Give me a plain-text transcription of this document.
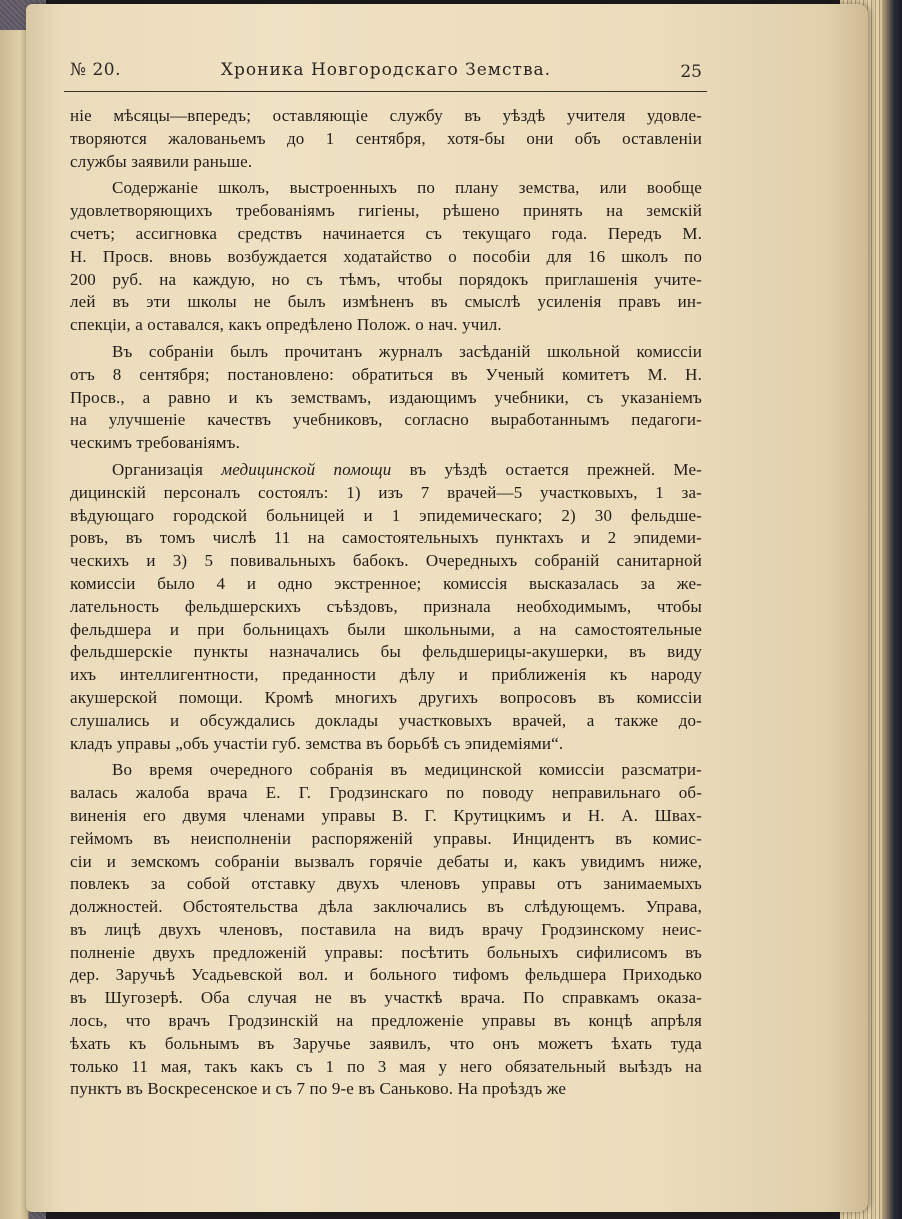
№ 20.	Хроника Новгородскаго Земства.	25
нiе мѣсяцы—впередъ; оставляющiе службу въ уѣздѣ учителя удовле-
творяются жалованьемъ до 1 сентября, хотя-бы они объ оставленiи
службы заявили раньше.
Содержанiе школъ, выстроенныхъ по плану земства, или вообще
удовлетворяющихъ требованiямъ гигiены, рѣшено принять на земскiй
счетъ; ассигновка средствъ начинается съ текущаго года. Передъ М.
Н. Просв. вновь возбуждается ходатайство о пособiи для 16 школъ по
200 руб. на каждую, но съ тѣмъ, чтобы порядокъ приглашенiя учите-
лей въ эти школы не былъ измѣненъ въ смыслѣ усиленiя правъ ин-
спекцiи, а оставался, какъ опредѣлено Полож. о нач. учил.
Въ собранiи былъ прочитанъ журналъ засѣданiй школьной комиссiи
отъ 8 сентября; постановлено: обратиться въ Ученый комитетъ М. Н.
Просв., а равно и къ земствамъ, издающимъ учебники, съ указанiемъ
на улучшенiе качествъ учебниковъ, согласно выработаннымъ педагоги-
ческимъ требованiямъ.
Организацiя медицинской помощи въ уѣздѣ остается прежней. Ме-
дицинскiй персоналъ состоялъ: 1) изъ 7 врачей—5 участковыхъ, 1 за-
вѣдующаго городской больницей и 1 эпидемическаго; 2) 30 фельдше-
ровъ, въ томъ числѣ 11 на самостоятельныхъ пунктахъ и 2 эпидеми-
ческихъ и 3) 5 повивальныхъ бабокъ. Очередныхъ собранiй санитарной
комиссiи было 4 и одно экстренное; комиссiя высказалась за же-
лательность фельдшерскихъ съѣздовъ, признала необходимымъ, чтобы
фельдшера и при больницахъ были школьными, а на самостоятельные
фельдшерскiе пункты назначались бы фельдшерицы-акушерки, въ виду
ихъ интеллигентности, преданности дѣлу и приближенiя къ народу
акушерской помощи. Кромѣ многихъ другихъ вопросовъ въ комиссiи
слушались и обсуждались доклады участковыхъ врачей, а также до-
кладъ управы „объ участiи губ. земства въ борьбѣ съ эпидемiями“.
Во время очередного собранiя въ медицинской комиссiи разсматри-
валась жалоба врача Е. Г. Гродзинскаго по поводу неправильнаго об-
виненiя его двумя членами управы В. Г. Крутицкимъ и Н. А. Швах-
геймомъ въ неисполненiи распоряженiй управы. Инцидентъ въ комис-
сiи и земскомъ собранiи вызвалъ горячiе дебаты и, какъ увидимъ ниже,
повлекъ за собой отставку двухъ членовъ управы отъ занимаемыхъ
должностей. Обстоятельства дѣла заключались въ слѣдующемъ. Управа,
въ лицѣ двухъ членовъ, поставила на видъ врачу Гродзинскому неис-
полненiе двухъ предложенiй управы: посѣтить больныхъ сифилисомъ въ
дер. Заручьѣ Усадьевской вол. и больного тифомъ фельдшера Приходько
въ Шугозерѣ. Оба случая не въ участкѣ врача. По справкамъ оказа-
лось, что врачъ Гродзинскiй на предложенiе управы въ концѣ апрѣля
ѣхать къ больнымъ въ Заручье заявилъ, что онъ можетъ ѣхать туда
только 11 мая, такъ какъ съ 1 по 3 мая у него обязательный выѣздъ на
пунктъ въ Воскресенское и съ 7 по 9-е въ Саньково. На проѣздъ же
